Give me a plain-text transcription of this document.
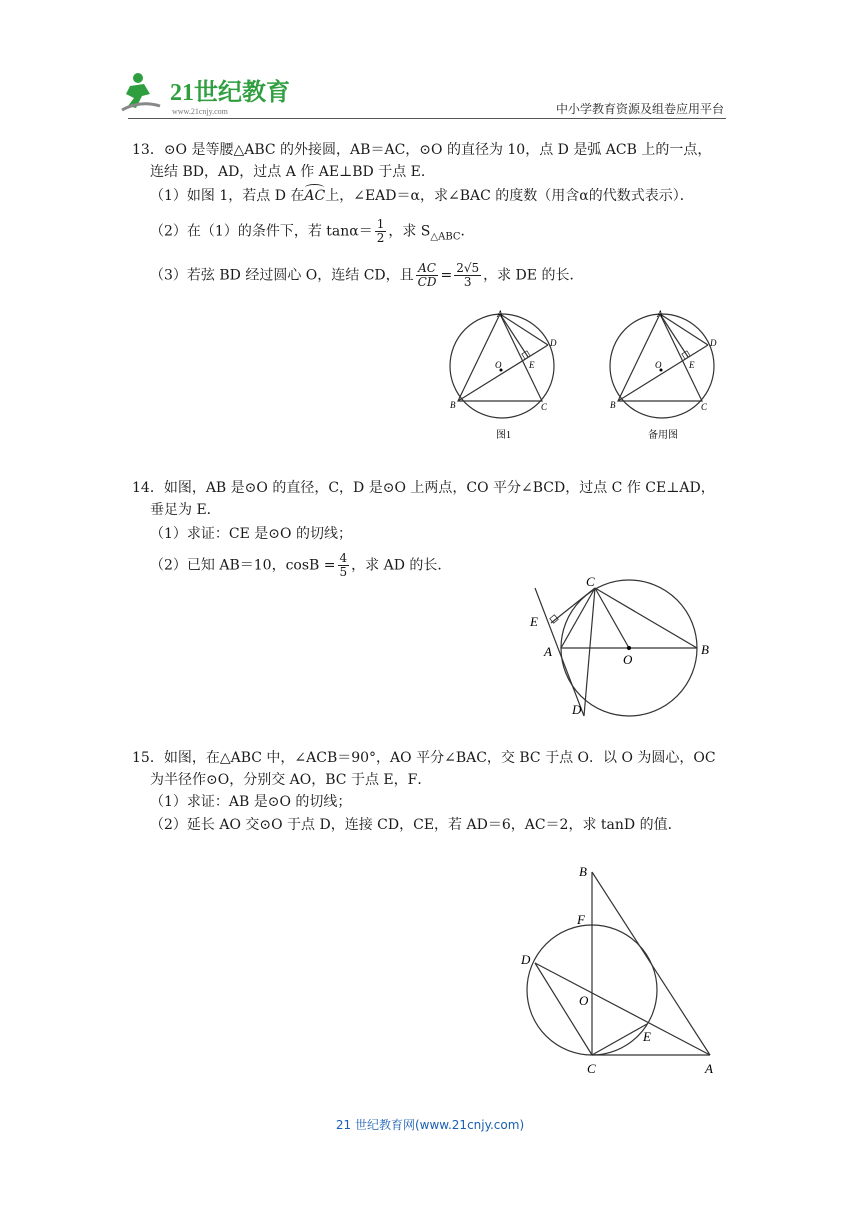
21世纪教育
www.21cnjy.com	中小学教育资源及组卷应用平台
13．⊙O 是等腰△ABC 的外接圆，AB＝AC，⊙O 的直径为 10，点 D 是弧 ACB 上的一点，
连结 BD，AD，过点 A 作 AE⊥BD 于点 E．
（1）如图 1，若点 D 在
AC上，∠EAD＝α，求∠BAC 的度数（用含α的代数式表示）．
（2）在（1）的条件下，若 $\tan\alpha= \frac{1}{2}$ ，求 $S_{\triangle ABC}$．
（3）若弦 BD 经过圆心 O，连结 CD，且 $\frac{AC}{CD} = \frac{2√5}{3}$ ，求 DE 的长．
A
D
E
O
B	C
图1
A
D
E
O
B	C
备用图
14．如图，AB 是⊙O 的直径，C，D 是⊙O 上两点，CO 平分∠BCD，过点 C 作 CE⊥AD，
垂足为 E．
（1）求证：CE 是⊙O 的切线；
（2）已知 AB＝10，$\cos B = \frac{4}{5}$ ，求 AD 的长．
C
E
A
O
B
D
15．如图，在△ABC 中，∠ACB＝90°，AO 平分∠BAC，交 BC 于点 O．以 O 为圆心，OC
为半径作⊙O，分别交 AO，BC 于点 E，F．
（1）求证：AB 是⊙O 的切线；
（2）延长 AO 交⊙O 于点 D，连接 CD，CE，若 AD＝6，AC＝2，求 tanD 的值．
B
F
D
O
E
C	A
21 世纪教育网(www.21cnjy.com)
